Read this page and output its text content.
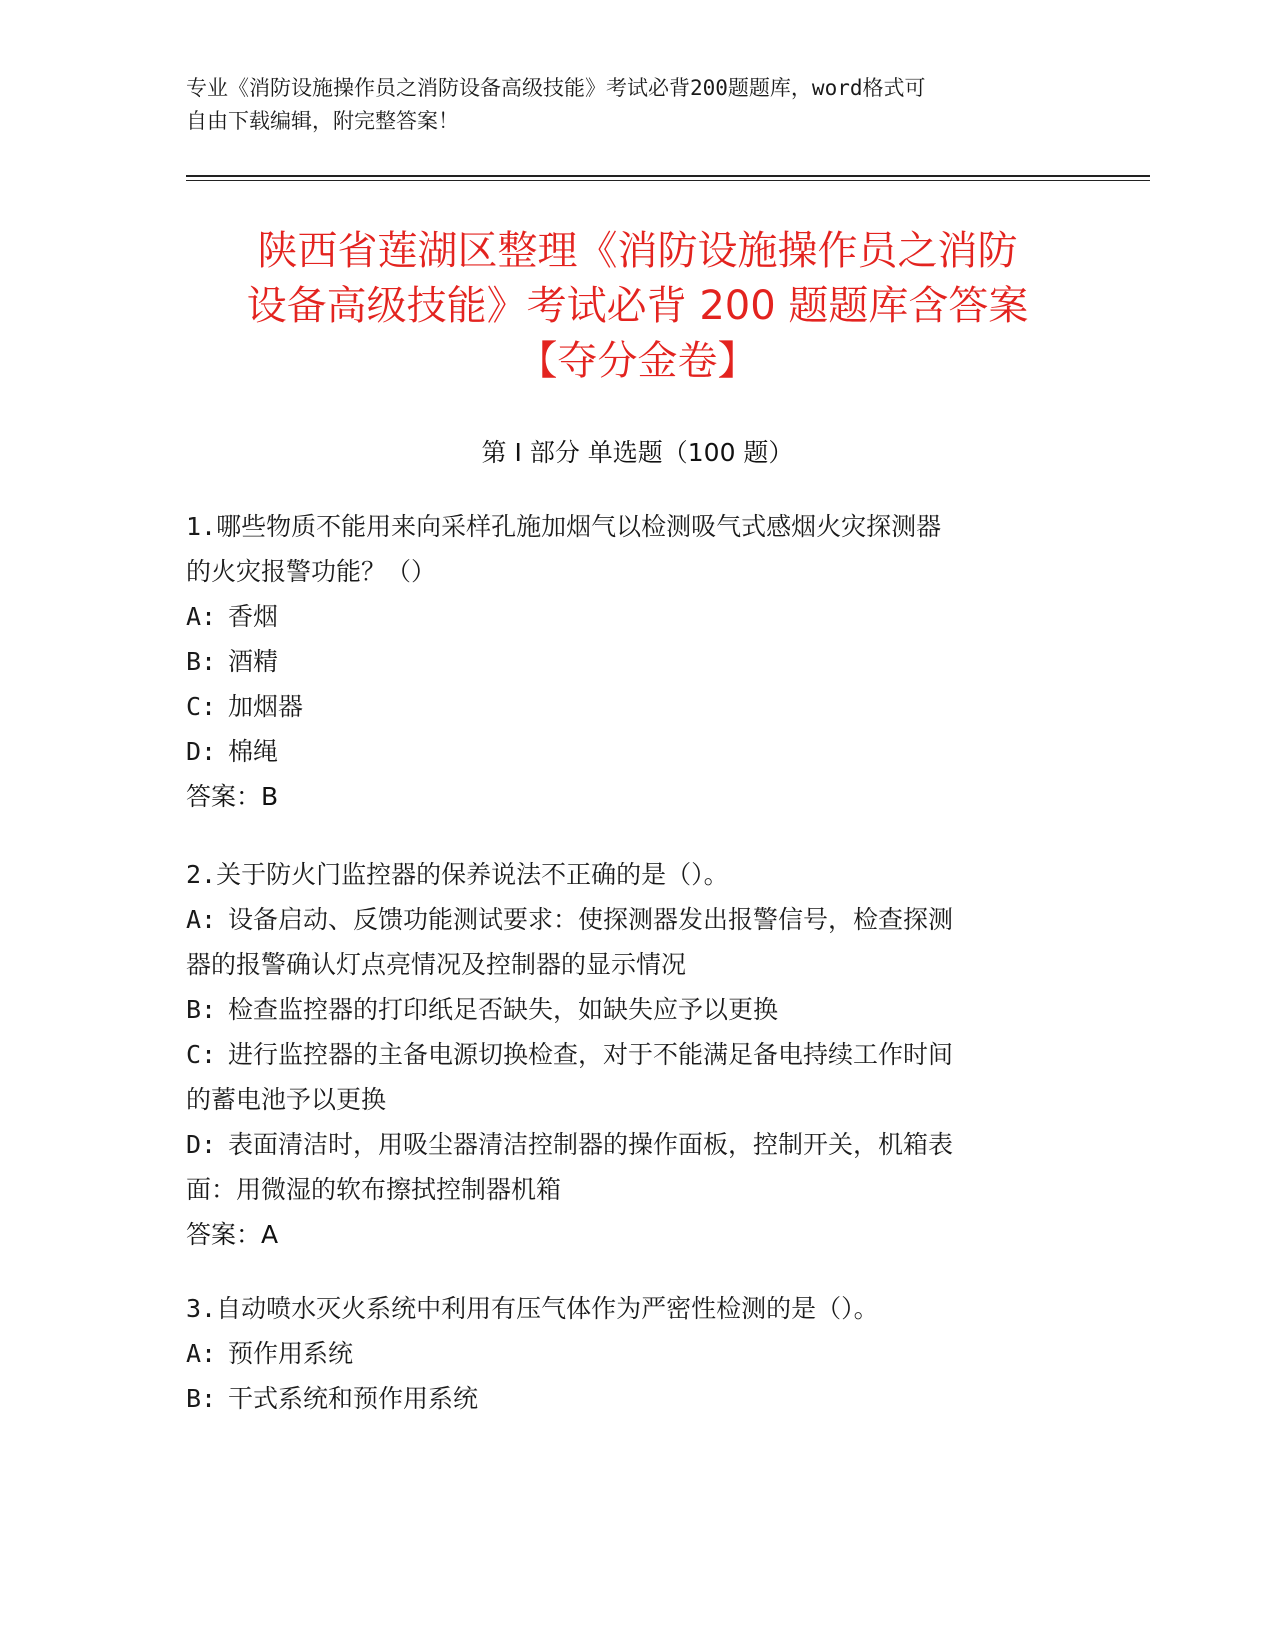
专业《消防设施操作员之消防设备高级技能》考试必背200题题库，word格式可
自由下载编辑，附完整答案！
陕西省莲湖区整理《消防设施操作员之消防
设备高级技能》考试必背 200 题题库含答案
【夺分金卷】
第 I 部分 单选题（100 题）
1.哪些物质不能用来向采样孔施加烟气以检测吸气式感烟火灾探测器
的火灾报警功能？（）
A: 香烟
B: 酒精
C: 加烟器
D: 棉绳
答案：B
2.关于防火门监控器的保养说法不正确的是（）。
A: 设备启动、反馈功能测试要求：使探测器发出报警信号，检查探测
器的报警确认灯点亮情况及控制器的显示情况
B: 检查监控器的打印纸足否缺失，如缺失应予以更换
C: 进行监控器的主备电源切换检查，对于不能满足备电持续工作时间
的蓄电池予以更换
D: 表面清洁时，用吸尘器清洁控制器的操作面板，控制开关，机箱表
面：用微湿的软布擦拭控制器机箱
答案：A
3.自动喷水灭火系统中利用有压气体作为严密性检测的是（）。
A: 预作用系统
B: 干式系统和预作用系统
